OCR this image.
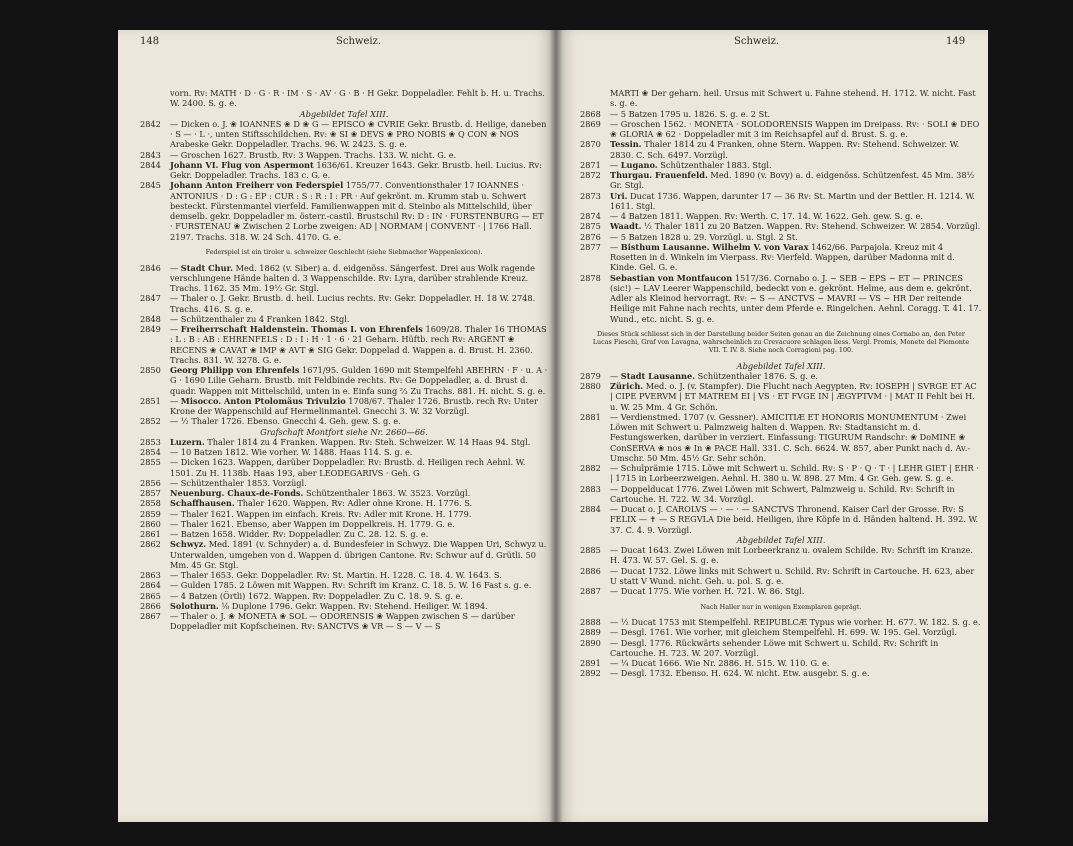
148	Schweiz.

vorn. Rv: MATH · D · G · R · IM · S · AV · G · B · H Gekr. Doppeladler. Fehlt b. H. u. Trachs. W. 2400. S. g. e.

Abgebildet Tafel XIII.

2842	— Dicken o. J. ❀ IOANNES ❀ D ❀ G — EPISCO ❀ CVRIE Gekr. Brustb. d. Heilige, daneben · S — · L ·, unten Stiftsschildchen. Rv: ❀ SI ❀ DEVS ❀ PRO NOBIS ❀ Q CON ❀ NOS Arabeske Gekr. Doppeladler. Trachs. 96. W. 2423. S. g. e.

2843	— Groschen 1627. Brustb. Rv: 3 Wappen. Trachs. 133. W. nicht. G. e.

2844	Johann VI. Flug von Aspermont 1636/61. Kreuzer 1643. Gekr. Brustb. heil. Lucius. Rv: Gekr. Doppeladler. Trachs. 183 c. G. e.

2845	Johann Anton Freiherr von Federspiel 1755/77. Conventionsthaler 17 IOANNES · ANTONIUS · D : G : EP : CUR : S : R : I : PR · Auf gekrönt. m. Krumm stab u. Schwert besteckt. Fürstenmantel vierfeld. Familienwappen mit d. Steinbo als Mittelschild, über demselb. gekr. Doppeladler m. österr.-castil. Brustschil Rv: D : IN · FURSTENBURG — ET · FURSTENAU ❀ Zwischen 2 Lorbe zweigen: AD | NORMAM | CONVENT · | 1766 Hall. 2197. Trachs. 318. W. 24 Sch. 4170. G. e.

Federspiel ist ein tiroler u. schweizer Geschlecht (siehe Siebmacher Wappenlexicon).

2846	— Stadt Chur. Med. 1862 (v. Siber) a. d. eidgenöss. Sängerfest. Drei aus Wolk ragende verschlungene Hände halten d. 3 Wappenschilde. Rv: Lyra, darüber strahlende Kreuz. Trachs. 1162. 35 Mm. 19½ Gr. Stgl.

2847	— Thaler o. J. Gekr. Brustb. d. heil. Lucius rechts. Rv: Gekr. Doppeladler. H. 18 W. 2748. Trachs. 416. S. g. e.

2848	— Schützenthaler zu 4 Franken 1842. Stgl.

2849	— Freiherrschaft Haldenstein. Thomas I. von Ehrenfels 1609/28. Thaler 16 THOMAS : L : B : AB : EHRENFELS : D : I : H · 1 · 6 · 21 Geharn. Hüftb. rech Rv: ARGENT ❀ RECENS ❀ CAVAT ❀ IMP ❀ AVT ❀ SIG Gekr. Doppelad d. Wappen a. d. Brust. H. 2360. Trachs. 831. W. 3278. G. e.

2850	Georg Philipp von Ehrenfels 1671/95. Gulden 1690 mit Stempelfehl ABEHRN · F · u. A · G · 1690 Lilie Geharn. Brustb. mit Feldbinde rechts. Rv: Ge Doppeladler, a. d. Brust d. quadr. Wappen mit Mittelschild, unten in e. Einfa sung ⅔ Zu Trachs. 881. H. nicht. S. g. e.

2851	— Misocco. Anton Ptolomäus Trivulzio 1708/67. Thaler 1726. Brustb. rech Rv: Unter Krone der Wappenschild auf Hermelinmantel. Gnecchi 3. W. 32 Vorzügl.

2852	— ½ Thaler 1726. Ebenso. Gnecchi 4. Geh. gew. S. g. e.

Grafschaft Montfort siehe Nr. 2660—66.

2853	Luzern. Thaler 1814 zu 4 Franken. Wappen. Rv: Steh. Schweizer. W. 14 Haas 94. Stgl.

2854	— 10 Batzen 1812. Wie vorher. W. 1488. Haas 114. S. g. e.

2855	— Dicken 1623. Wappen, darüber Doppeladler. Rv: Brustb. d. Heiligen rech Aehnl. W. 1501. Zu H. 1138b. Haas 193, aber LEODEGARIVS · Geh. G

2856	— Schützenthaler 1853. Vorzügl.

2857	Neuenburg. Chaux-de-Fonds. Schützenthaler 1863. W. 3523. Vorzügl.

2858	Schaffhausen. Thaler 1620. Wappen. Rv: Adler ohne Krone. H. 1776. S.

2859	— Thaler 1621. Wappen im einfach. Kreis. Rv: Adler mit Krone. H. 1779.

2860	— Thaler 1621. Ebenso, aber Wappen im Doppelkreis. H. 1779. G. e.

2861	— Batzen 1658. Widder. Rv: Doppeladler. Zu C. 28. 12. S. g. e.

2862	Schwyz. Med. 1891 (v. Schnyder) a. d. Bundesfeier in Schwyz. Die Wappen Uri, Schwyz u. Unterwalden, umgeben von d. Wappen d. übrigen Cantone. Rv: Schwur auf d. Grütli. 50 Mm. 45 Gr. Stgl.

2863	— Thaler 1653. Gekr. Doppeladler. Rv: St. Martin. H. 1228. C. 18. 4. W. 1643. S.

2864	— Gulden 1785. 2 Löwen mit Wappen. Rv: Schrift im Kranz. C. 18. 5. W. 16 Fast s. g. e.

2865	— 4 Batzen (Örtli) 1672. Wappen. Rv: Doppeladler. Zu C. 18. 9. S. g. e.

2866	Solothurn. ⅛ Duplone 1796. Gekr. Wappen. Rv: Stehend. Heiliger. W. 1894.

2867	— Thaler o. J. ❀ MONETA ❀ SOL — ODORENSIS ❀ Wappen zwischen S — darüber Doppeladler mit Kopfscheinen. Rv: SANCTVS ❀ VR — S — V — S

Schweiz.	149

MARTI ❀ Der geharn. heil. Ursus mit Schwert u. Fahne stehend. H. 1712. W. nicht. Fast s. g. e.

2868	— 5 Batzen 1795 u. 1826. S. g. e. 2 St.

2869	— Groschen 1562. · MONETA · SOLODORENSIS Wappen im Dreipass. Rv: · SOLI ❀ DEO ❀ GLORIA ❀ 62 · Doppeladler mit 3 im Reichsapfel auf d. Brust. S. g. e.

2870	Tessin. Thaler 1814 zu 4 Franken, ohne Stern. Wappen. Rv: Stehend. Schweizer. W. 2830. C. Sch. 6497. Vorzügl.

2871	— Lugano. Schützenthaler 1883. Stgl.

2872	Thurgau. Frauenfeld. Med. 1890 (v. Bovy) a. d. eidgenöss. Schützenfest. 45 Mm. 38½ Gr. Stgl.

2873	Uri. Ducat 1736. Wappen, darunter 17 — 36 Rv: St. Martin und der Bettler. H. 1214. W. 1611. Stgl.

2874	— 4 Batzen 1811. Wappen. Rv: Werth. C. 17. 14. W. 1622. Geh. gew. S. g. e.

2875	Waadt. ½ Thaler 1811 zu 20 Batzen. Wappen. Rv: Stehend. Schweizer. W. 2854. Vorzügl.

2876	— 5 Batzen 1828 u. 29. Vorzügl. u. Stgl. 2 St.

2877	— Bisthum Lausanne. Wilhelm V. von Varax 1462/66. Parpajola. Kreuz mit 4 Rosetten in d. Winkeln im Vierpass. Rv: Vierfeld. Wappen, darüber Madonna mit d. Kinde. Gel. G. e.

2878	Sebastian von Montfaucon 1517/36. Cornabo o. J. ~ SEB ~ EPS ~ ET — PRINCES (sic!) ~ LAV Leerer Wappenschild, bedeckt von e. gekrönt. Helme, aus dem e. gekrönt. Adler als Kleinod hervorragt. Rv: ~ S — ANCTVS ~ MAVRI — VS ~ HR Der reitende Heilige mit Fahne nach rechts, unter dem Pferde e. Ringelchen. Aehnl. Coragg. T. 41. 17. Wund., etc. nicht. S. g. e.

Dieses Stück schliesst sich in der Darstellung beider Seiten genau an die Zeichnung eines Cornabo an, den Peter Lucas Fieschi, Graf von Lavagna, wahrscheinlich zu Crevacuore schlagen liess. Vergl. Promis, Monete del Piemonte VII. T. IV. 8. Siehe noch Corragioni pag. 100.

Abgebildet Tafel XIII.

2879	— Stadt Lausanne. Schützenthaler 1876. S. g. e.

2880	Zürich. Med. o. J. (v. Stampfer). Die Flucht nach Aegypten. Rv: IOSEPH | SVRGE ET AC | CIPE PVERVM | ET MATREM EI | VS · ET FVGE IN | ÆGYPTVM · | MAT II Fehlt bei H. u. W. 25 Mm. 4 Gr. Schön.

2881	— Verdienstmed. 1707 (v. Gessner). AMICITIÆ ET HONORIS MONUMENTUM · Zwei Löwen mit Schwert u. Palmzweig halten d. Wappen. Rv: Stadtansicht m. d. Festungswerken, darüber in verziert. Einfassung: TIGURUM Randschr: ❀ DoMINE ❀ ConSERVA ❀ nos ❀ In ❀ PACE Hall. 331. C. Sch. 6624. W. 857, aber Punkt nach d. Av.-Umschr. 50 Mm. 45½ Gr. Sehr schön.

2882	— Schulprämie 1715. Löwe mit Schwert u. Schild. Rv: S · P · Q · T · | LEHR GIET | EHR · | 1715 in Lorbeerzweigen. Aehnl. H. 380 u. W. 898. 27 Mm. 4 Gr. Geh. gew. S. g. e.

2883	— Doppelducat 1776. Zwei Löwen mit Schwert, Palmzweig u. Schild. Rv: Schrift in Cartouche. H. 722. W. 34. Vorzügl.

2884	— Ducat o. J. CAROLVS — · — · — SANCTVS Thronend. Kaiser Carl der Grosse. Rv: S FELIX — ✝ — S REGVLA Die beid. Heiligen, ihre Köpfe in d. Händen haltend. H. 392. W. 37. C. 4. 9. Vorzügl.

Abgebildet Tafel XIII.

2885	— Ducat 1643. Zwei Löwen mit Lorbeerkranz u. ovalem Schilde. Rv: Schrift im Kranze. H. 473. W. 57. Gel. S. g. e.

2886	— Ducat 1732. Löwe links mit Schwert u. Schild. Rv: Schrift in Cartouche. H. 623, aber U statt V Wund. nicht. Geh. u. pol. S. g. e.

2887	— Ducat 1775. Wie vorher. H. 721. W. 86. Stgl.

Nach Haller nur in wenigen Exemplaren geprägt.

2888	— ½ Ducat 1753 mit Stempelfehl. REIPUBLCÆ Typus wie vorher. H. 677. W. 182. S. g. e.

2889	— Desgl. 1761. Wie vorher, mit gleichem Stempelfehl. H. 699. W. 195. Gel. Vorzügl.

2890	— Desgl. 1776. Rückwärts sehender Löwe mit Schwert u. Schild. Rv: Schrift in Cartouche. H. 723. W. 207. Vorzügl.

2891	— ¼ Ducat 1666. Wie Nr. 2886. H. 515. W. 110. G. e.

2892	— Desgl. 1732. Ebenso. H. 624. W. nicht. Etw. ausgebr. S. g. e.
